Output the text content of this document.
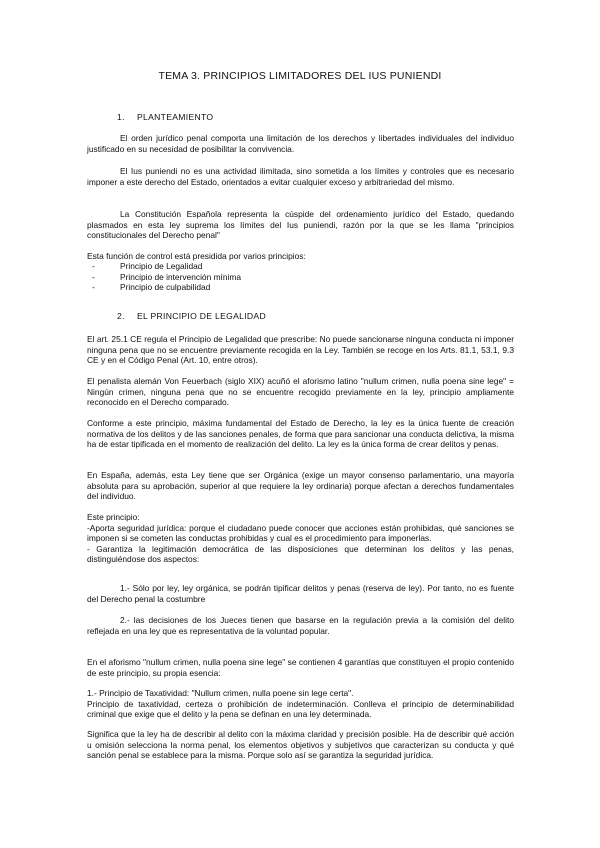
TEMA 3. PRINCIPIOS LIMITADORES DEL IUS PUNIENDI
1. PLANTEAMIENTO
El orden jurídico penal comporta una limitación de los derechos y libertades individuales del individuo justificado en su necesidad de posibilitar la convivencia.
El Ius puniendi no es una actividad ilimitada, sino sometida a los límites y controles que es necesario imponer a este derecho del Estado, orientados a evitar cualquier exceso y arbitrariedad del mismo.
La Constitución Española representa la cúspide del ordenamiento jurídico del Estado, quedando plasmados en esta ley suprema los límites del Ius puniendi, razón por la que se les llama "principios constitucionales del Derecho penal"
Esta función de control está presidida por varios principios:
- Principio de Legalidad
- Principio de intervención mínima
- Principio de culpabilidad
2. EL PRINCIPIO DE LEGALIDAD
El art. 25.1 CE regula el Principio de Legalidad que prescribe: No puede sancionarse ninguna conducta ni imponer ninguna pena que no se encuentre previamente recogida en la Ley. También se recoge en los Arts. 81.1, 53.1, 9.3 CE y en el Código Penal (Art. 10, entre otros).
El penalista alemán Von Feuerbach (siglo XIX) acuñó el aforismo latino "nullum crimen, nulla poena sine lege" = Ningún crimen, ninguna pena que no se encuentre recogido previamente en la ley, principio ampliamente reconocido en el Derecho comparado.
Conforme a este principio, máxima fundamental del Estado de Derecho, la ley es la única fuente de creación normativa de los delitos y de las sanciones penales, de forma que para sancionar una conducta delictiva, la misma ha de estar tipificada en el momento de realización del delito. La ley es la única forma de crear delitos y penas.
En España, además, esta Ley tiene que ser Orgánica (exige un mayor consenso parlamentario, una mayoría absoluta para su aprobación, superior al que requiere la ley ordinaria) porque afectan a derechos fundamentales del individuo.
Este principio:
-Aporta seguridad jurídica: porque el ciudadano puede conocer que acciones están prohibidas, qué sanciones se imponen si se cometen las conductas prohibidas y cual es el procedimiento para imponerlas.
- Garantiza la legitimación democrática de las disposiciones que determinan los delitos y las penas, distinguiéndose dos aspectos:
1.- Sólo por ley, ley orgánica, se podrán tipificar delitos y penas (reserva de ley). Por tanto, no es fuente del Derecho penal la costumbre
2.- las decisiones de los Jueces tienen que basarse en la regulación previa a la comisión del delito reflejada en una ley que es representativa de la voluntad popular.
En el aforismo "nullum crimen, nulla poena sine lege" se contienen 4 garantías que constituyen el propio contenido de este principio, su propia esencia:
1.- Principio de Taxatividad: "Nullum crimen, nulla poene sin lege certa".
Principio de taxatividad, certeza o prohibición de indeterminación. Conlleva el principio de determinabilidad criminal que exige que el delito y la pena se definan en una ley determinada.
Significa que la ley ha de describir al delito con la máxima claridad y precisión posible. Ha de describir qué acción u omisión selecciona la norma penal, los elementos objetivos y subjetivos que caracterizan su conducta y qué sanción penal se establece para la misma. Porque solo así se garantiza la seguridad jurídica.
